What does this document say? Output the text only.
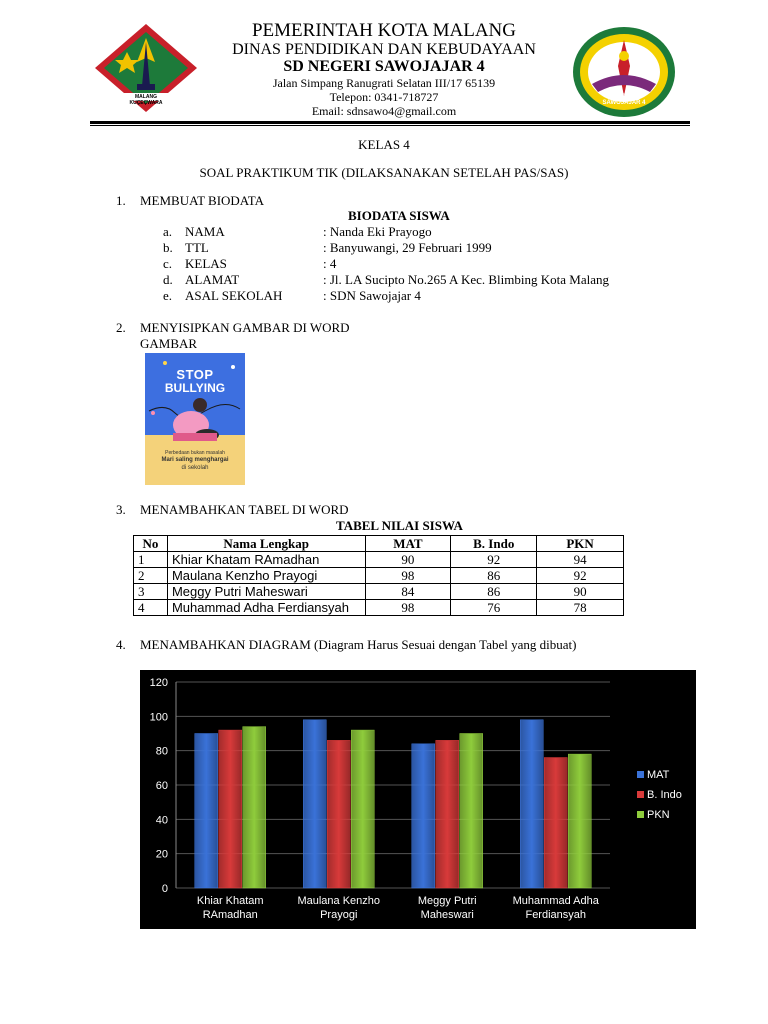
MALANG KUÇEÇWARA
SDN SAWOJAJAR 4
PEMERINTAH KOTA MALANG
DINAS PENDIDIKAN DAN KEBUDAYAAN
SD NEGERI SAWOJAJAR 4
Jalan Simpang Ranugrati Selatan III/17 65139
Telepon: 0341-718727
Email: sdnsawo4@gmail.com
KELAS 4
SOAL PRAKTIKUM TIK (DILAKSANAKAN SETELAH PAS/SAS)
1. MEMBUAT BIODATA
BIODATA SISWA
a. NAMA	: Nanda Eki Prayogo
b. TTL	: Banyuwangi, 29 Februari 1999
c. KELAS	: 4
d. ALAMAT	: Jl. LA Sucipto No.265 A Kec. Blimbing Kota Malang
e. ASAL SEKOLAH	: SDN Sawojajar 4
2. MENYISIPKAN GAMBAR DI WORD
GAMBAR
STOP
BULLYING
Perbedaan bukan masalah
Mari saling menghargai
di sekolah
3. MENAMBAHKAN TABEL DI WORD
TABEL NILAI SISWA
No	Nama Lengkap	MAT	B. Indo	PKN
1	Khiar Khatam RAmadhan	90	92	94
2	Maulana Kenzho Prayogi	98	86	92
3	Meggy Putri Maheswari	84	86	90
4	Muhammad Adha Ferdiansyah	98	76	78
4. MENAMBAHKAN DIAGRAM (Diagram Harus Sesuai dengan Tabel yang dibuat)
0
20
40
60
80
100
120
Khiar Khatam
RAmadhan
Maulana Kenzho
Prayogi
Meggy Putri
Maheswari
Muhammad Adha
Ferdiansyah
MAT
B. Indo
PKN
